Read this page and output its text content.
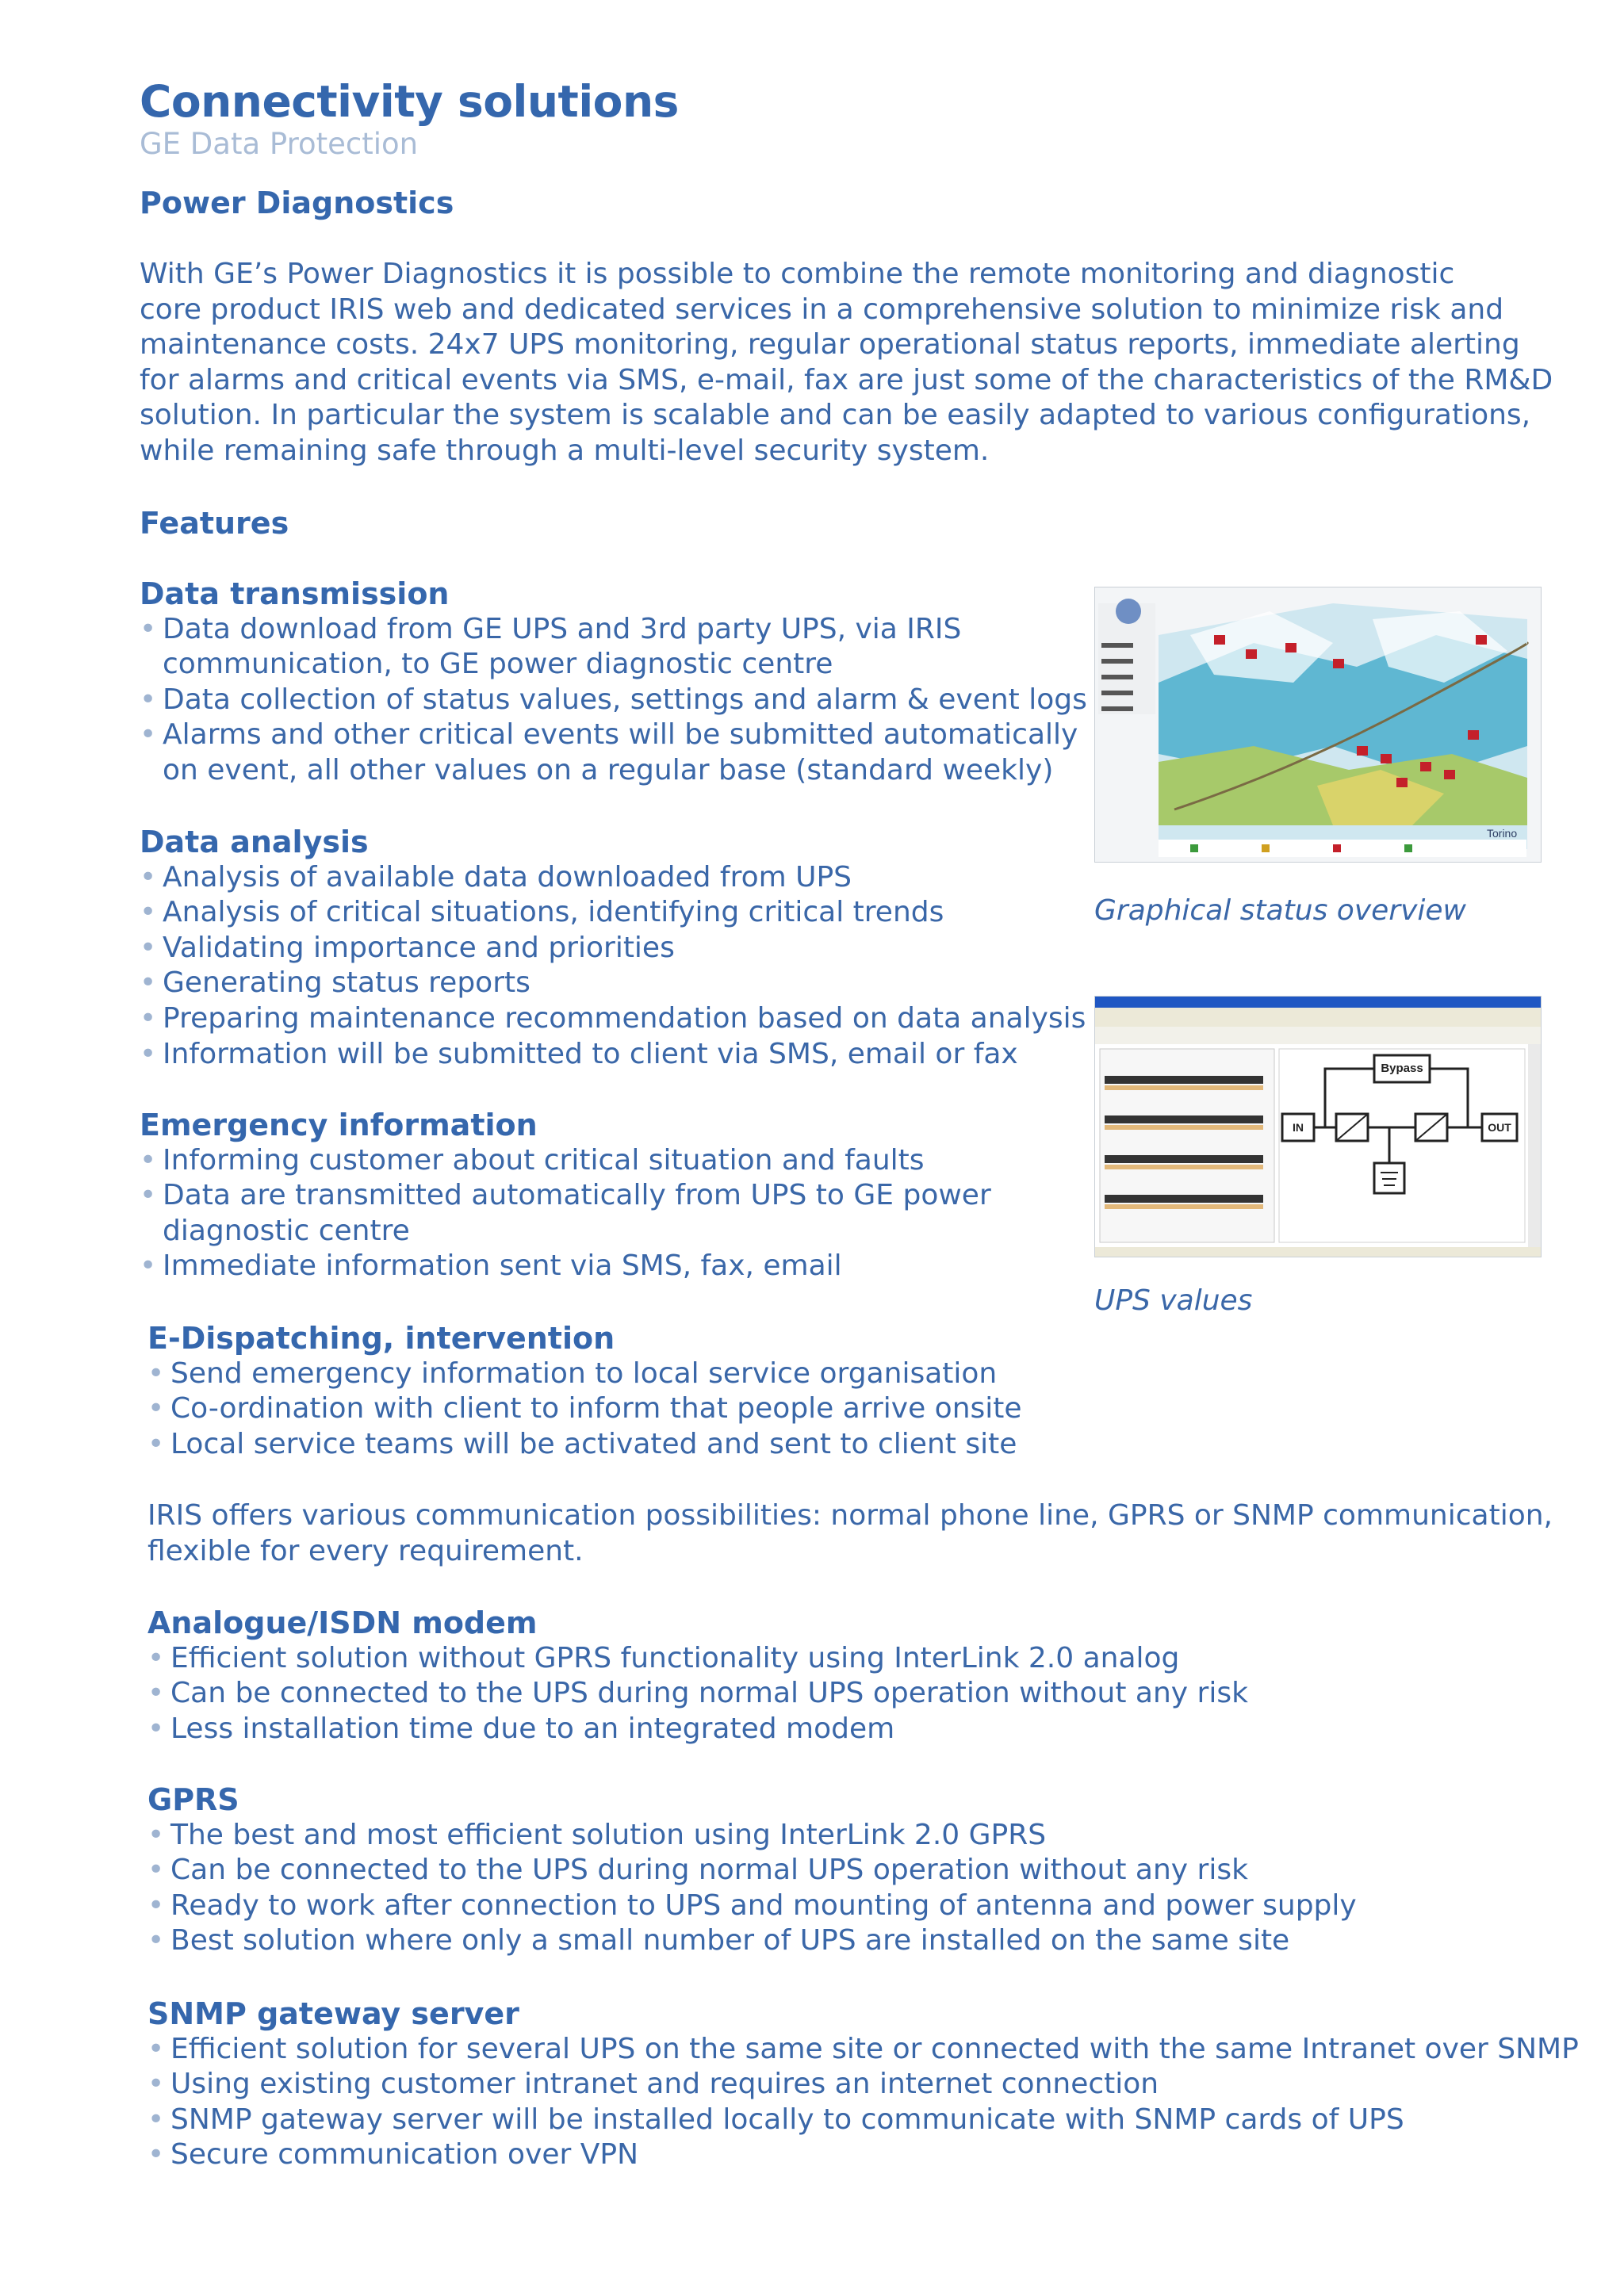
Connectivity solutions
GE Data Protection
Power Diagnostics
With GE’s Power Diagnostics it is possible to combine the remote monitoring and diagnostic
core product IRIS web and dedicated services in a comprehensive solution to minimize risk and
maintenance costs. 24x7 UPS monitoring, regular operational status reports, immediate alerting
for alarms and critical events via SMS, e-mail, fax are just some of the characteristics of the RM&D
solution. In particular the system is scalable and can be easily adapted to various configurations,
while remaining safe through a multi-level security system.
Features
Data transmission
• Data download from GE UPS and 3rd party UPS, via IRIS
communication, to GE power diagnostic centre
• Data collection of status values, settings and alarm & event logs
• Alarms and other critical events will be submitted automatically
on event, all other values on a regular base (standard weekly)
Data analysis
• Analysis of available data downloaded from UPS
• Analysis of critical situations, identifying critical trends
• Validating importance and priorities
• Generating status reports
• Preparing maintenance recommendation based on data analysis
• Information will be submitted to client via SMS, email or fax
Emergency information
• Informing customer about critical situation and faults
• Data are transmitted automatically from UPS to GE power
diagnostic centre
• Immediate information sent via SMS, fax, email
E-Dispatching, intervention
• Send emergency information to local service organisation
• Co-ordination with client to inform that people arrive onsite
• Local service teams will be activated and sent to client site
IRIS offers various communication possibilities: normal phone line, GPRS or SNMP communication,
flexible for every requirement.
Analogue/ISDN modem
• Efficient solution without GPRS functionality using InterLink 2.0 analog
• Can be connected to the UPS during normal UPS operation without any risk
• Less installation time due to an integrated modem
GPRS
• The best and most efficient solution using InterLink 2.0 GPRS
• Can be connected to the UPS during normal UPS operation without any risk
• Ready to work after connection to UPS and mounting of antenna and power supply
• Best solution where only a small number of UPS are installed on the same site
SNMP gateway server
• Efficient solution for several UPS on the same site or connected with the same Intranet over SNMP
• Using existing customer intranet and requires an internet connection
• SNMP gateway server will be installed locally to communicate with SNMP cards of UPS
• Secure communication over VPN
Torino
Graphical status overview
Bypass
IN	OUT
UPS values
